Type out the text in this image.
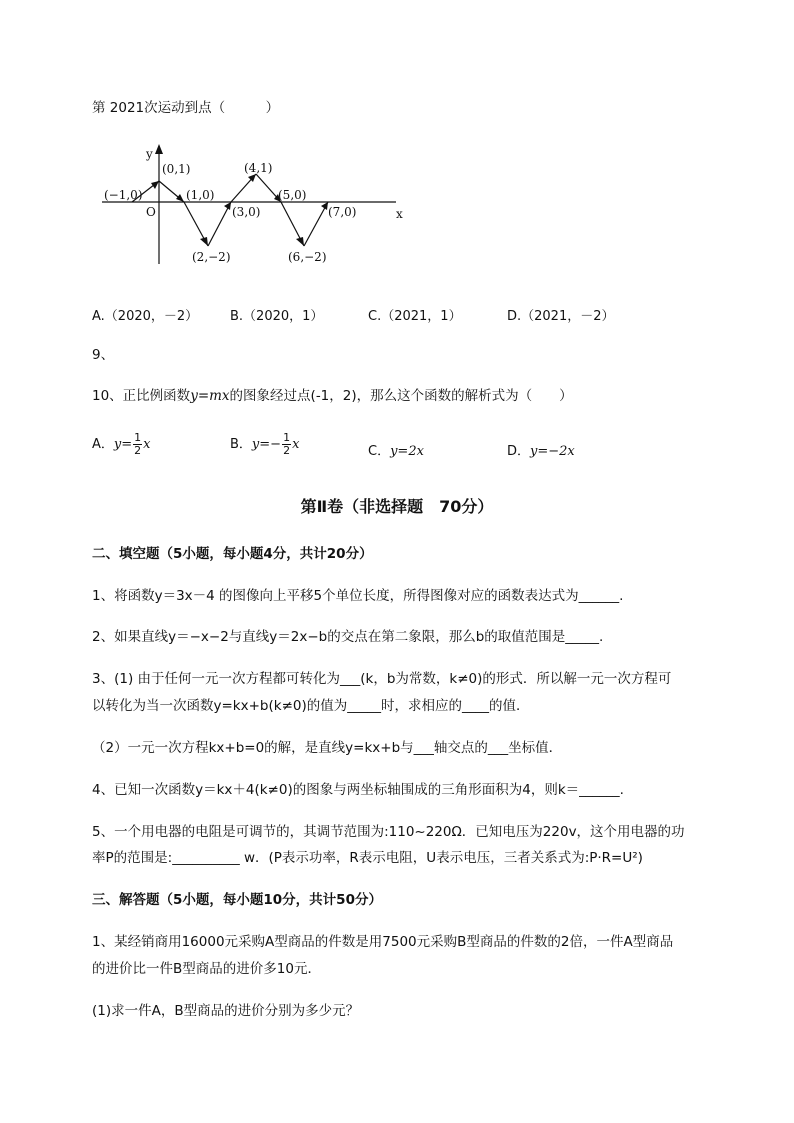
第 2021次运动到点（　　　）
y
x
O
(−1,0)
(0,1)
(1,0)
(2,−2)
(3,0)
(4,1)
(5,0)
(6,−2)
(7,0)
A.（2020，－2） B.（2020，1）	C.（2021，1）	D.（2021，－2）
9、
10、正比例函数y=mx的图象经过点(-1，2)，那么这个函数的解析式为（　　）
A．$y= \frac{1}{2}$ x	B．$y=- \frac{1}{2}$ x	C．y=2x	D．y=−2x
第Ⅱ卷（非选择题　70分）
二、填空题（5小题，每小题4分，共计20分）
1、将函数y＝3x－4 的图像向上平移5个单位长度，所得图像对应的函数表达式为______.
2、如果直线y＝−x−2与直线y＝2x−b的交点在第二象限，那么b的取值范围是_____.
3、(1) 由于任何一元一次方程都可转化为___(k，b为常数，k≠0)的形式．所以解一元一次方程可
以转化为当一次函数y=kx+b(k≠0)的值为_____时，求相应的____的值．
（2）一元一次方程kx+b=0的解，是直线y=kx+b与___轴交点的___坐标值．
4、已知一次函数y＝kx＋4(k≠0)的图象与两坐标轴围成的三角形面积为4，则k＝______.
5、一个用电器的电阻是可调节的，其调节范围为:110~220Ω．已知电压为220v，这个用电器的功
率P的范围是:__________ w．(P表示功率，R表示电阻，U表示电压，三者关系式为:P·R=U²)
三、解答题（5小题，每小题10分，共计50分）
1、某经销商用16000元采购A型商品的件数是用7500元采购B型商品的件数的2倍，一件A型商品
的进价比一件B型商品的进价多10元．
(1)求一件A，B型商品的进价分别为多少元？
